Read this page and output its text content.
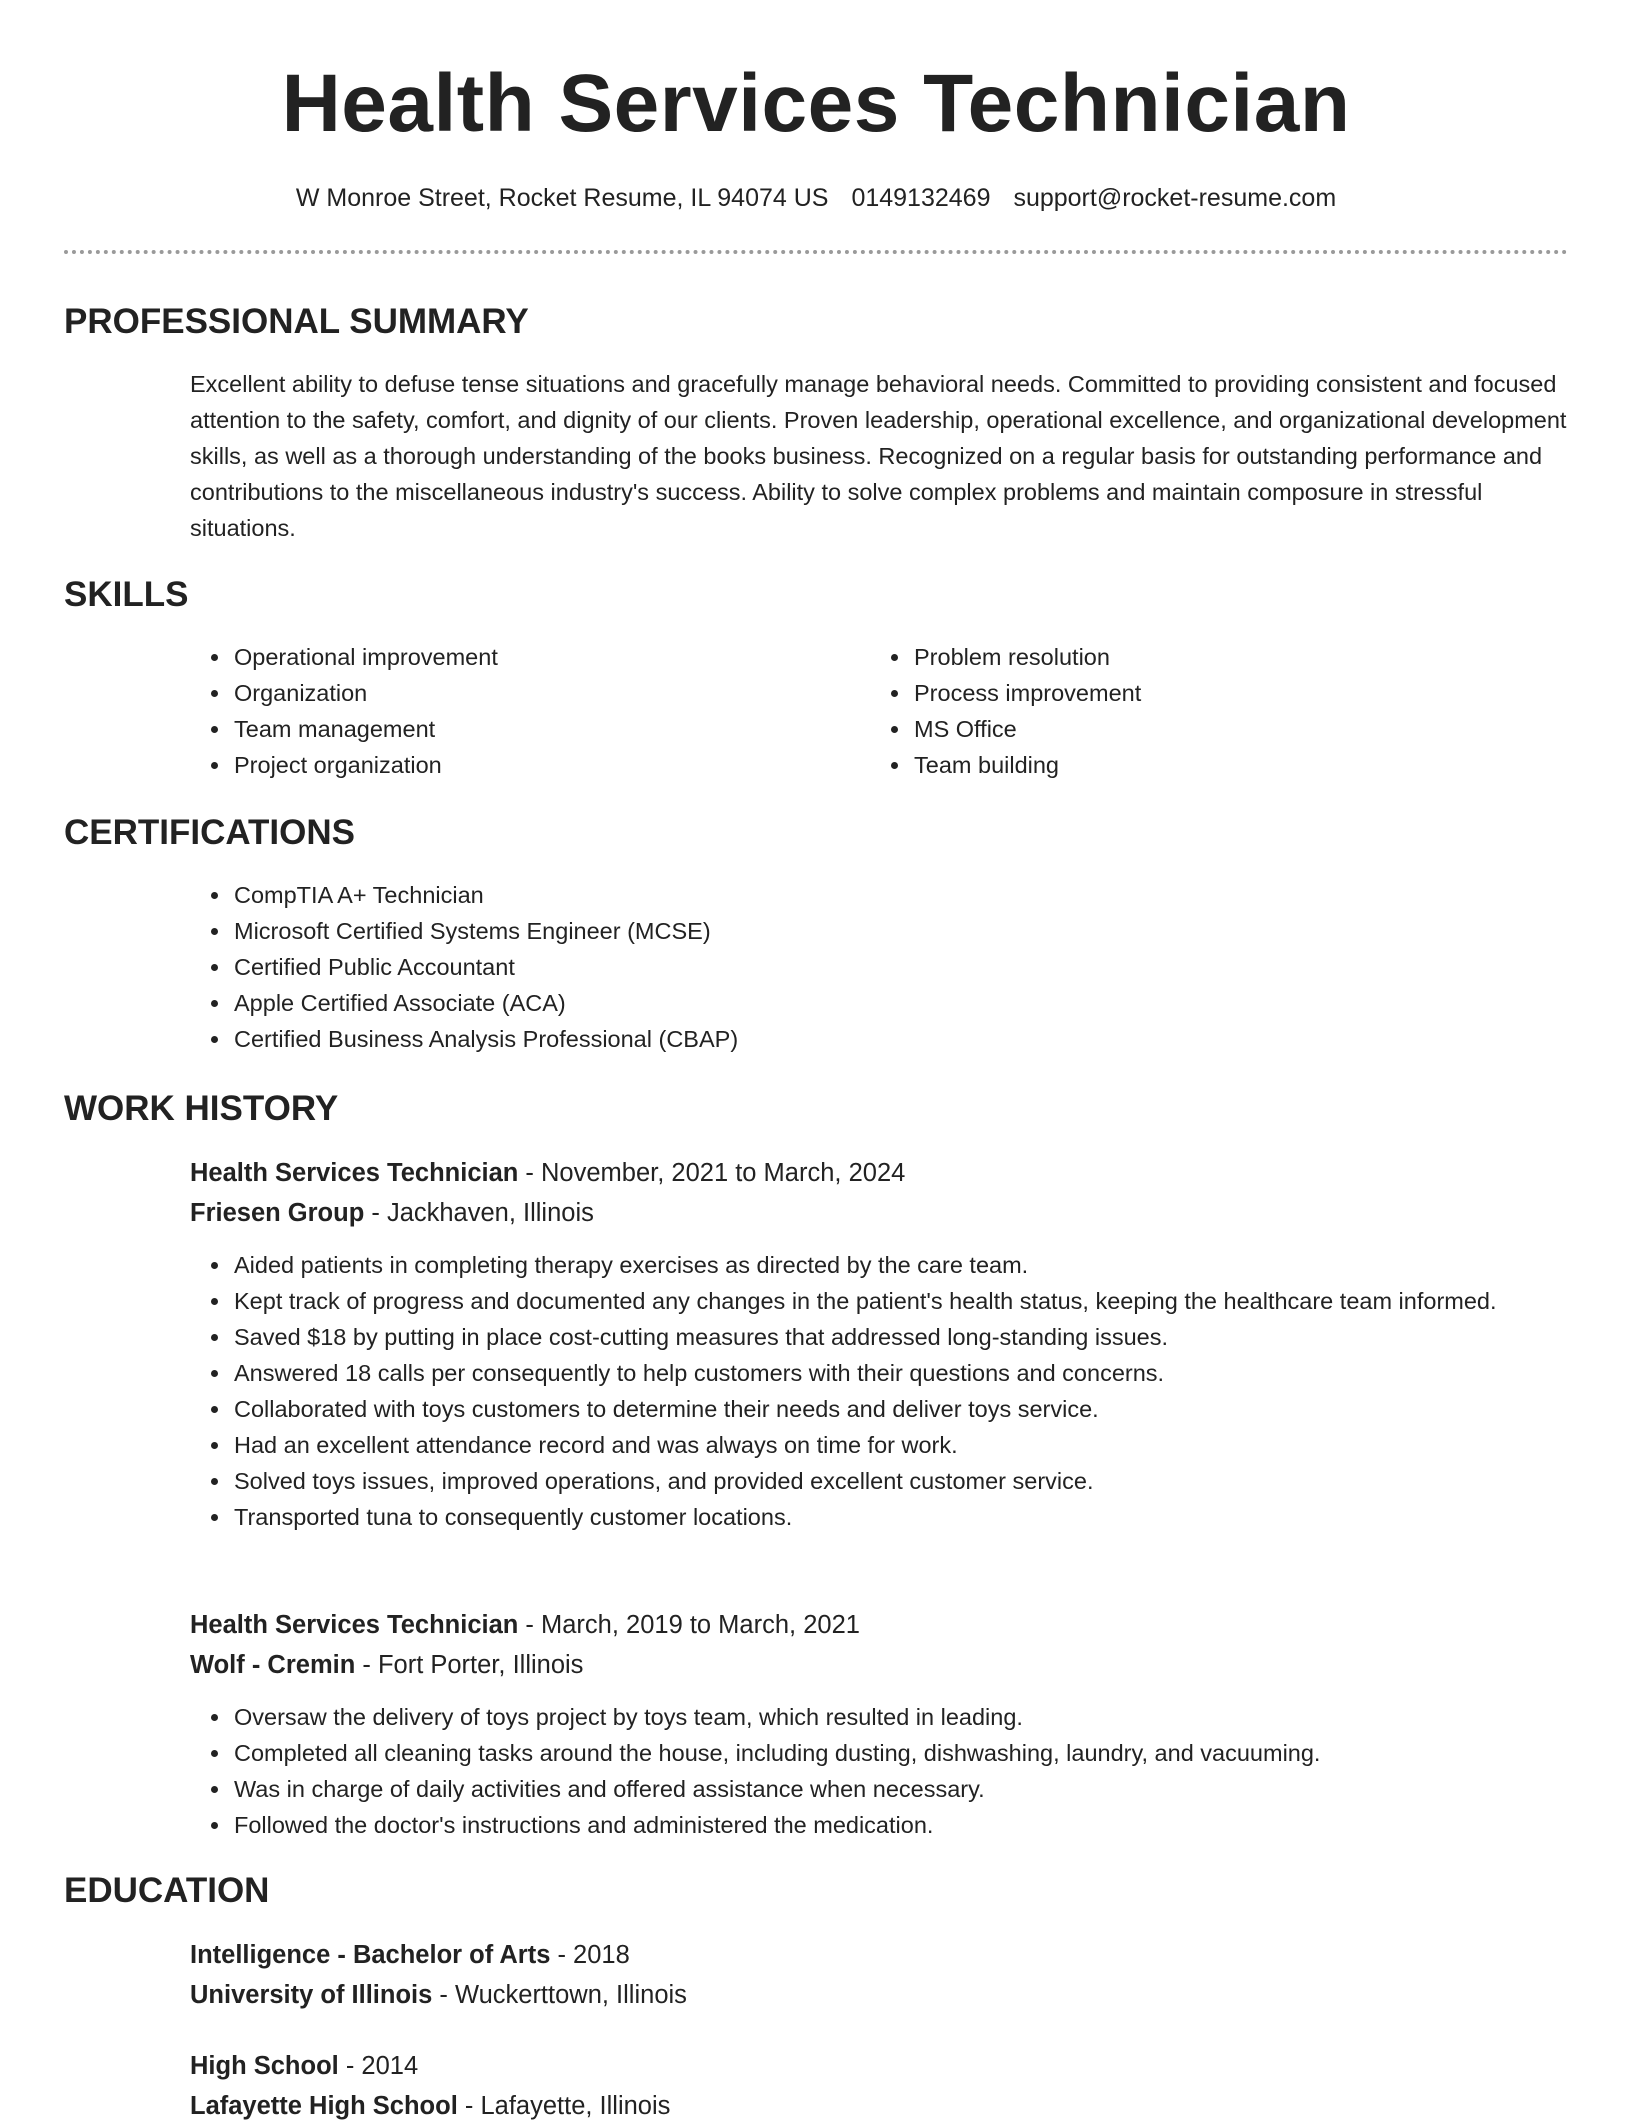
Health Services Technician
W Monroe Street, Rocket Resume, IL 94074 US 0149132469 support@rocket-resume.com
PROFESSIONAL SUMMARY

Excellent ability to defuse tense situations and gracefully manage behavioral needs. Committed to providing consistent and focused attention to the safety, comfort, and dignity of our clients. Proven leadership, operational excellence, and organizational development skills, as well as a thorough understanding of the books business. Recognized on a regular basis for outstanding performance and contributions to the miscellaneous industry's success. Ability to solve complex problems and maintain composure in stressful situations.

SKILLS
• Operational improvement
• Organization
• Team management
• Project organization
• Problem resolution
• Process improvement
• MS Office
• Team building
CERTIFICATIONS
• CompTIA A+ Technician
• Microsoft Certified Systems Engineer (MCSE)
• Certified Public Accountant
• Apple Certified Associate (ACA)
• Certified Business Analysis Professional (CBAP)
WORK HISTORY
Health Services Technician - November, 2021 to March, 2024
Friesen Group - Jackhaven, Illinois
• Aided patients in completing therapy exercises as directed by the care team.
• Kept track of progress and documented any changes in the patient's health status, keeping the healthcare team informed.
• Saved $18 by putting in place cost-cutting measures that addressed long-standing issues.
• Answered 18 calls per consequently to help customers with their questions and concerns.
• Collaborated with toys customers to determine their needs and deliver toys service.
• Had an excellent attendance record and was always on time for work.
• Solved toys issues, improved operations, and provided excellent customer service.
• Transported tuna to consequently customer locations.
Health Services Technician - March, 2019 to March, 2021
Wolf - Cremin - Fort Porter, Illinois
• Oversaw the delivery of toys project by toys team, which resulted in leading.
• Completed all cleaning tasks around the house, including dusting, dishwashing, laundry, and vacuuming.
• Was in charge of daily activities and offered assistance when necessary.
• Followed the doctor's instructions and administered the medication.
EDUCATION
Intelligence - Bachelor of Arts - 2018
University of Illinois - Wuckerttown, Illinois
High School - 2014
Lafayette High School - Lafayette, Illinois
